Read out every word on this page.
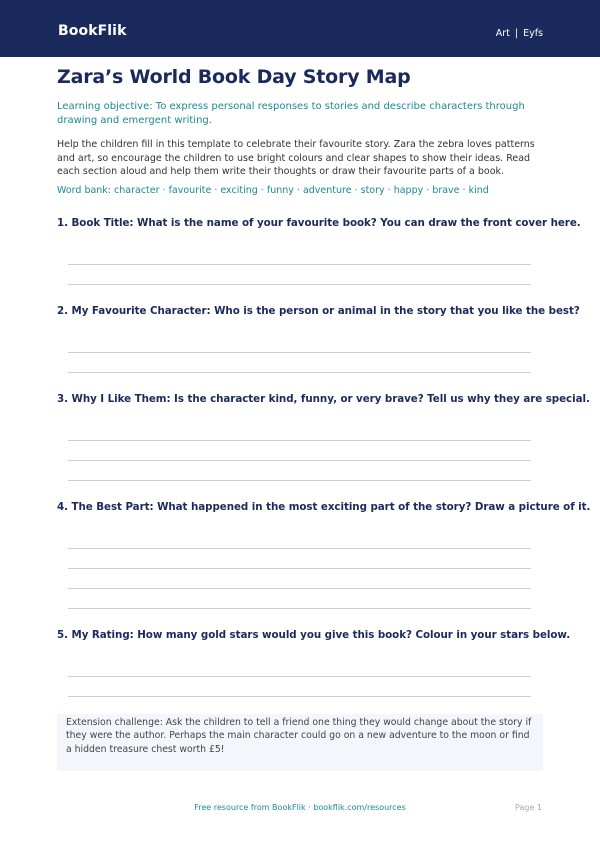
BookFlik	Art | Eyfs
Zara’s World Book Day Story Map
Learning objective: To express personal responses to stories and describe characters through drawing and emergent writing.
Help the children fill in this template to celebrate their favourite story. Zara the zebra loves patterns and art, so encourage the children to use bright colours and clear shapes to show their ideas. Read each section aloud and help them write their thoughts or draw their favourite parts of a book.
Word bank: character · favourite · exciting · funny · adventure · story · happy · brave · kind
1. Book Title: What is the name of your favourite book? You can draw the front cover here.
2. My Favourite Character: Who is the person or animal in the story that you like the best?
3. Why I Like Them: Is the character kind, funny, or very brave? Tell us why they are special.
4. The Best Part: What happened in the most exciting part of the story? Draw a picture of it.
5. My Rating: How many gold stars would you give this book? Colour in your stars below.
Extension challenge: Ask the children to tell a friend one thing they would change about the story if they were the author. Perhaps the main character could go on a new adventure to the moon or find a hidden treasure chest worth £5!
Free resource from BookFlik · bookflik.com/resources	Page 1
